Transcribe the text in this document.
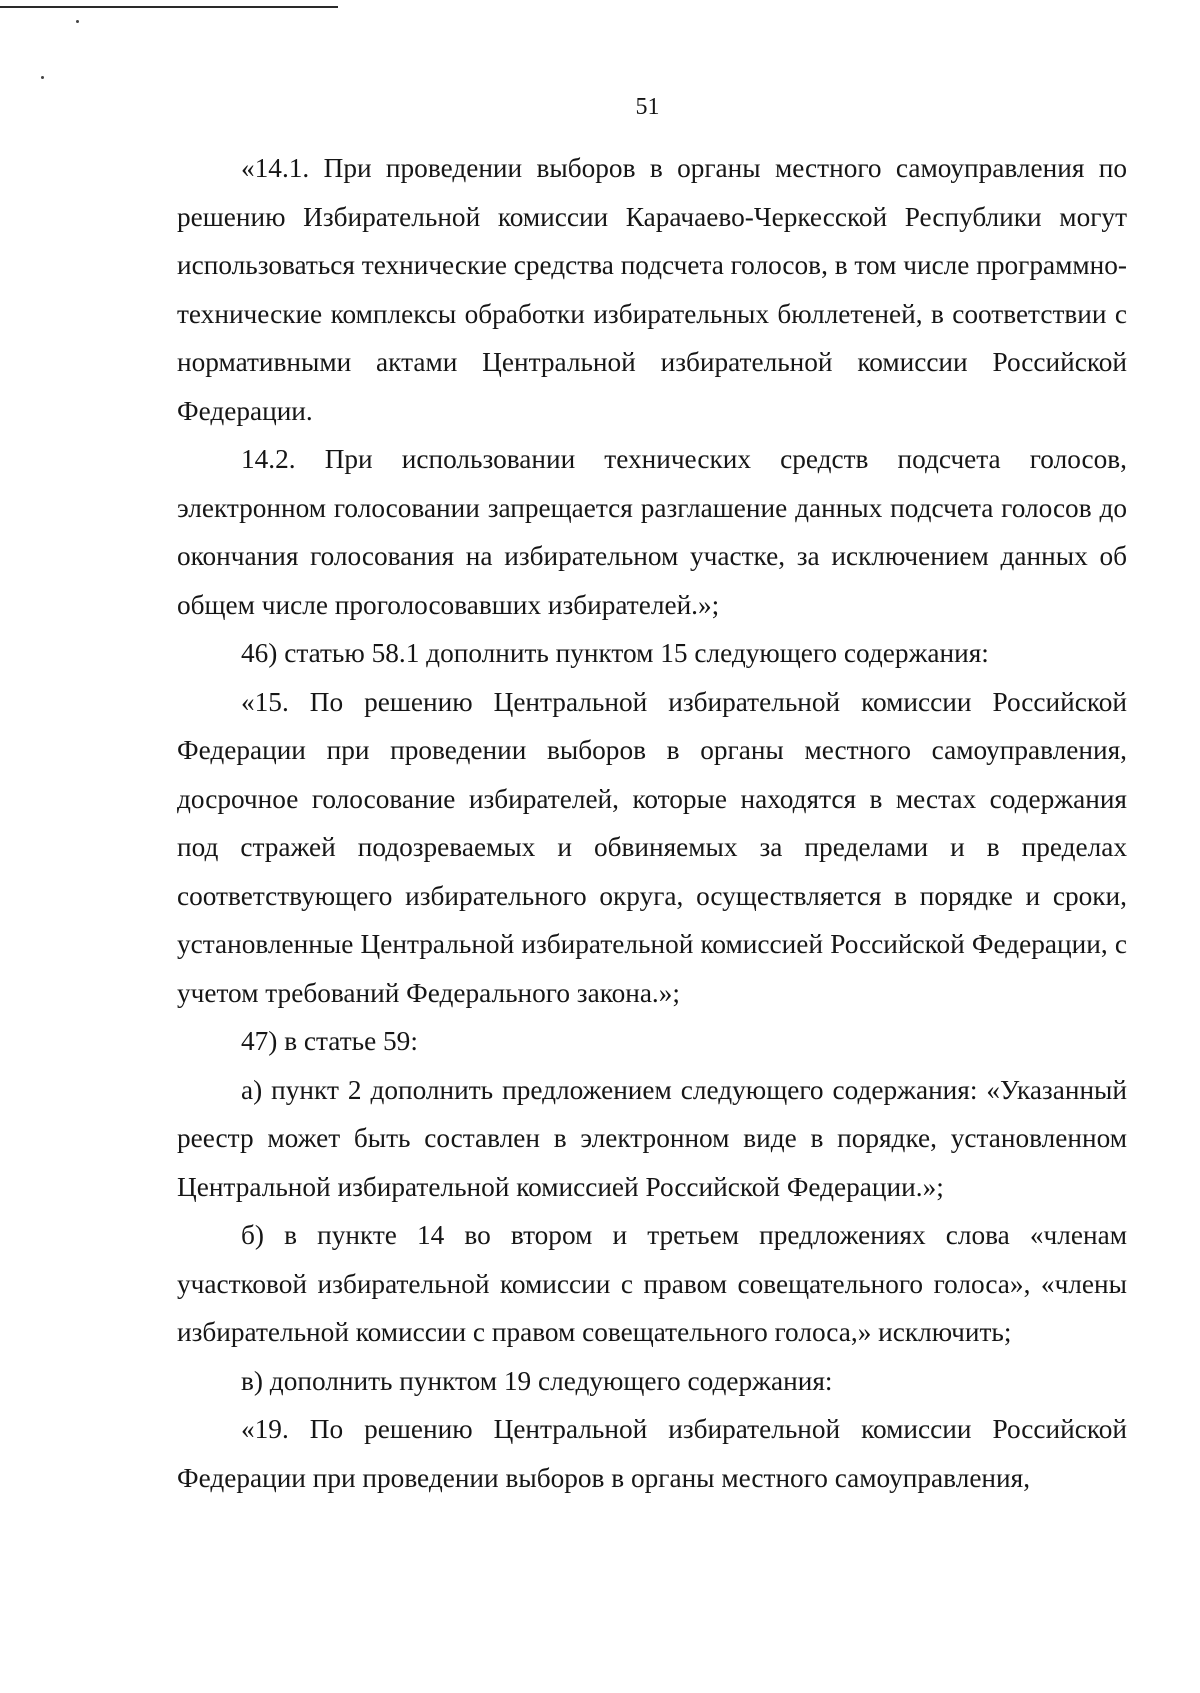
51

«14.1. При проведении выборов в органы местного самоуправления по решению Избирательной комиссии Карачаево-Черкесской Республики могут использоваться технические средства подсчета голосов, в том числе программно-технические комплексы обработки избирательных бюллетеней, в соответствии с нормативными актами Центральной избирательной комиссии Российской Федерации.

14.2. При использовании технических средств подсчета голосов, электронном голосовании запрещается разглашение данных подсчета голосов до окончания голосования на избирательном участке, за исключением данных об общем числе проголосовавших избирателей.»;

46) статью 58.1 дополнить пунктом 15 следующего содержания:

«15. По решению Центральной избирательной комиссии Российской Федерации при проведении выборов в органы местного самоуправления, досрочное голосование избирателей, которые находятся в местах содержания под стражей подозреваемых и обвиняемых за пределами и в пределах соответствующего избирательного округа, осуществляется в порядке и сроки, установленные Центральной избирательной комиссией Российской Федерации, с учетом требований Федерального закона.»;

47) в статье 59:

а) пункт 2 дополнить предложением следующего содержания: «Указанный реестр может быть составлен в электронном виде в порядке, установленном Центральной избирательной комиссией Российской Федерации.»;

б) в пункте 14 во втором и третьем предложениях слова «членам участковой избирательной комиссии с правом совещательного голоса», «члены избирательной комиссии с правом совещательного голоса,» исключить;

в) дополнить пунктом 19 следующего содержания:

«19. По решению Центральной избирательной комиссии Российской Федерации при проведении выборов в органы местного самоуправления,
